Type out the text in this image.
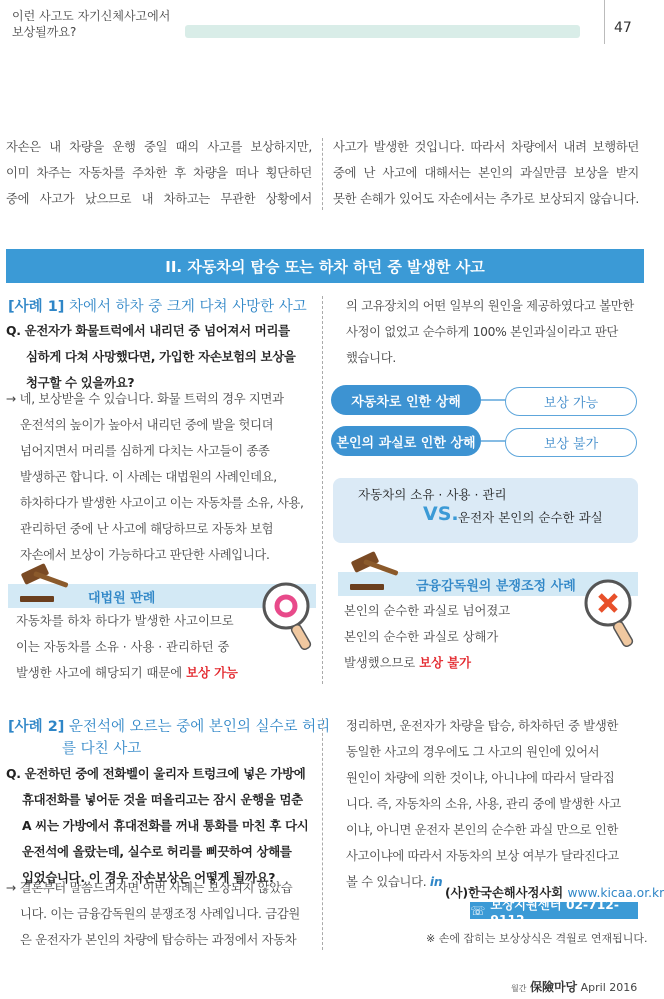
이런 사고도 자기신체사고에서
보상될까요?	47

자손은 내 차량을 운행 중일 때의 사고를 보상하지만,

이미 차주는 자동차를 주차한 후 차량을 떠나 횡단하던

중에 사고가 났으므로 내 차하고는 무관한 상황에서

사고가 발생한 것입니다. 따라서 차량에서 내려 보행하던

중에 난 사고에 대해서는 본인의 과실만큼 보상을 받지

못한 손해가 있어도 자손에서는 추가로 보상되지 않습니다.

II. 자동차의 탑승 또는 하차 하던 중 발생한 사고
[사례 1] 차에서 하차 중 크게 다쳐 사망한 사고
Q. 운전자가 화물트럭에서 내리던 중 넘어져서 머리를
심하게 다쳐 사망했다면, 가입한 자손보험의 보상을
청구할 수 있을까요?
→ 네, 보상받을 수 있습니다. 화물 트럭의 경우 지면과
운전석의 높이가 높아서 내리던 중에 발을 헛디뎌
넘어지면서 머리를 심하게 다치는 사고들이 종종
발생하곤 합니다. 이 사례는 대법원의 사례인데요,
하차하다가 발생한 사고이고 이는 자동차를 소유, 사용,
관리하던 중에 난 사고에 해당하므로 자동차 보험
자손에서 보상이 가능하다고 판단한 사례입니다.
의 고유장치의 어떤 일부의 원인을 제공하였다고 볼만한
사정이 없었고 순수하게 100% 본인과실이라고 판단
했습니다.
자동차로 인한 상해	보상 가능
본인의 과실로 인한 상해	보상 불가
자동차의 소유 · 사용 · 관리
VS. 운전자 본인의 순수한 과실
대법원 판례
자동차를 하차 하다가 발생한 사고이므로
이는 자동차를 소유 · 사용 · 관리하던 중
발생한 사고에 해당되기 때문에 보상 가능
금융감독원의 분쟁조정 사례
본인의 순수한 과실로 넘어졌고
본인의 순수한 과실로 상해가
발생했으므로 보상 불가
[사례 2] 운전석에 오르는 중에 본인의 실수로 허리
를 다친 사고
Q. 운전하던 중에 전화벨이 울리자 트렁크에 넣은 가방에
휴대전화를 넣어둔 것을 떠올리고는 잠시 운행을 멈춘
A 씨는 가방에서 휴대전화를 꺼내 통화를 마친 후 다시
운전석에 올랐는데, 실수로 허리를 삐끗하여 상해를
입었습니다. 이 경우 자손보상은 어떻게 될까요?
→ 결론부터 말씀드리자면 이번 사례는 보상되지 않았습
니다. 이는 금융감독원의 분쟁조정 사례입니다. 금감원
은 운전자가 본인의 차량에 탑승하는 과정에서 자동차
정리하면, 운전자가 차량을 탑승, 하차하던 중 발생한
동일한 사고의 경우에도 그 사고의 원인에 있어서
원인이 차량에 의한 것이냐, 아니냐에 따라서 달라집
니다. 즉, 자동차의 소유, 사용, 관리 중에 발생한 사고
이냐, 아니면 운전자 본인의 순수한 과실 만으로 인한
사고이냐에 따라서 자동차의 보상 여부가 달라진다고
볼 수 있습니다. in
(사)한국손해사정사회 www.kicaa.or.kr
☏ 보상지원센터 02-712-9112
※ 손에 잡히는 보상상식은 격월로 연재됩니다.
월간 保險마당 April 2016
